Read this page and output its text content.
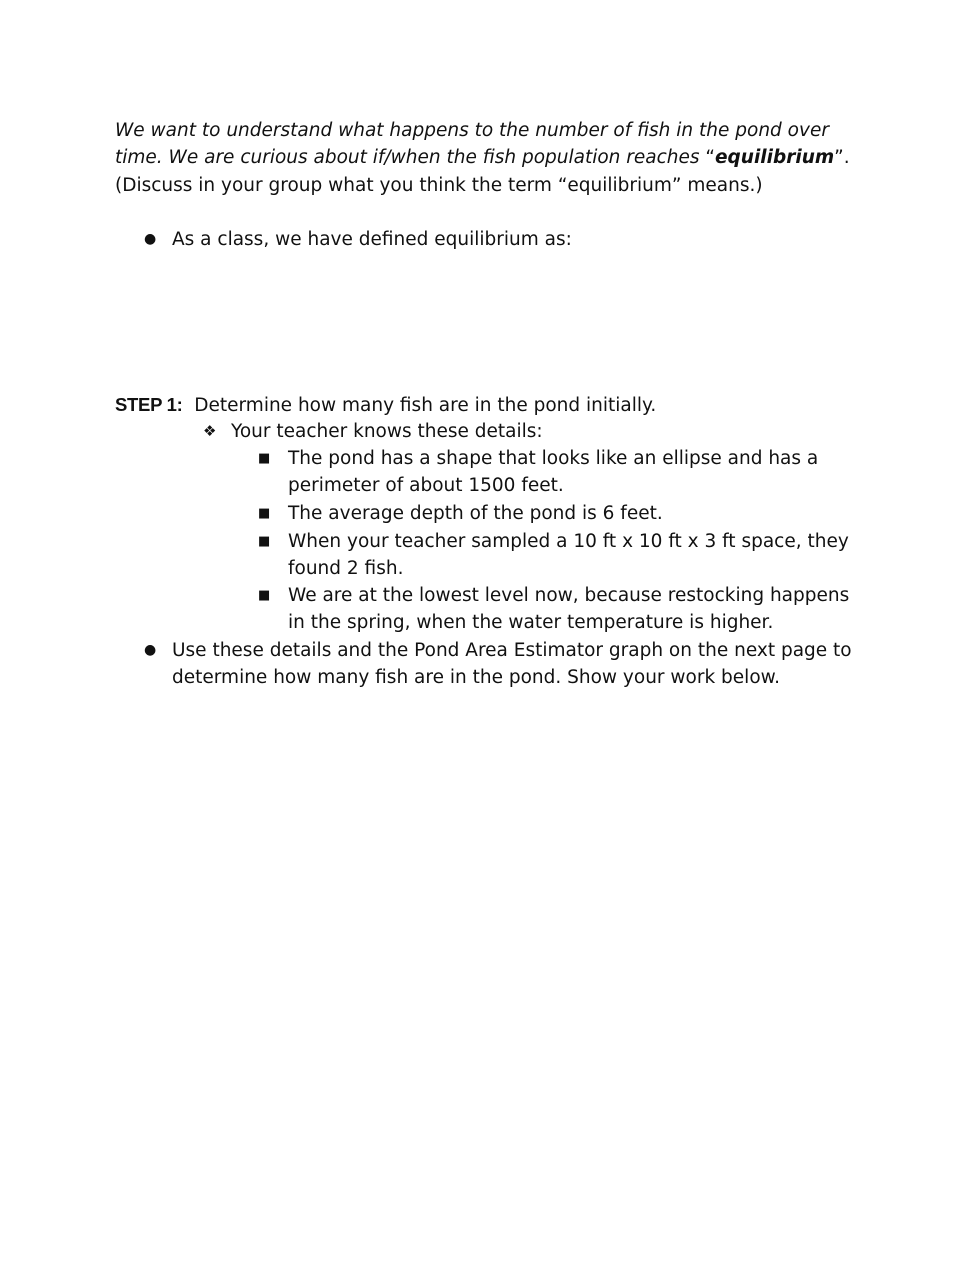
We want to understand what happens to the number of fish in the pond over time. We are curious about if/when the fish population reaches “equilibrium”.
(Discuss in your group what you think the term “equilibrium” means.)
● As a class, we have defined equilibrium as:
STEP 1: Determine how many fish are in the pond initially.
❖ Your teacher knows these details:
■ The pond has a shape that looks like an ellipse and has a perimeter of about 1500 feet.
■ The average depth of the pond is 6 feet.
■ When your teacher sampled a 10 ft x 10 ft x 3 ft space, they found 2 fish.
■ We are at the lowest level now, because restocking happens in the spring, when the water temperature is higher.
● Use these details and the Pond Area Estimator graph on the next page to determine how many fish are in the pond. Show your work below.
